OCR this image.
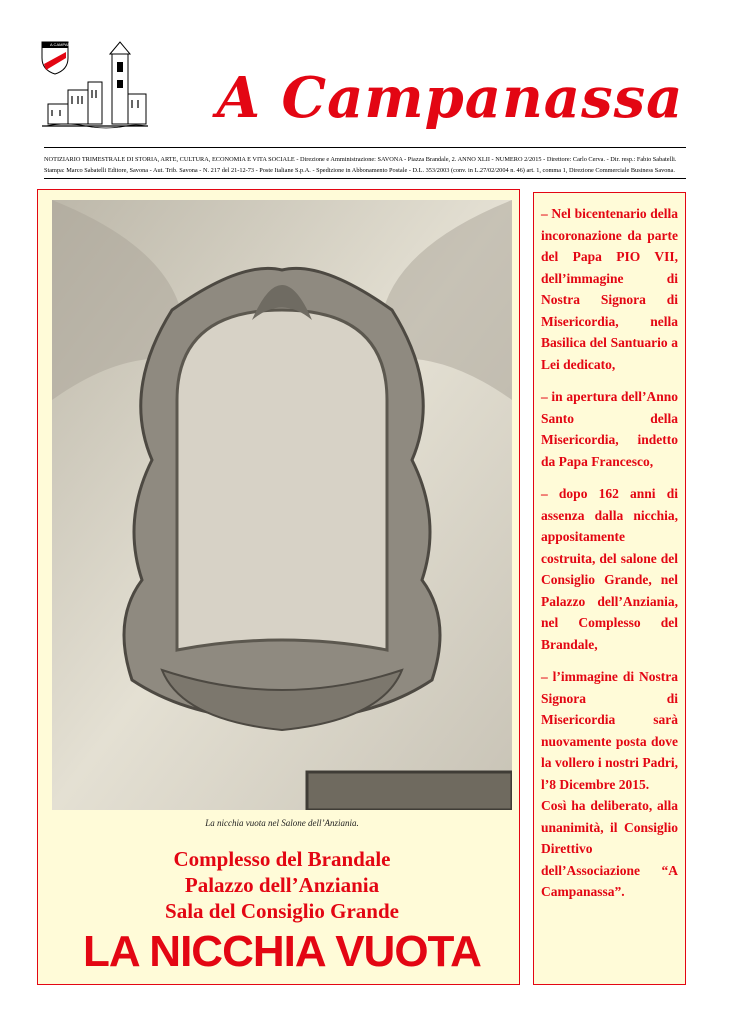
A CAMPANASSA
A Campanassa
NOTIZIARIO TRIMESTRALE DI STORIA, ARTE, CULTURA, ECONOMIA E VITA SOCIALE - Direzione e Amministrazione: SAVONA - Piazza Brandale, 2. ANNO XLII - NUMERO 2/2015 - Direttore: Carlo Cerva. - Dir. resp.: Fabio Sabatelli.
Stampa: Marco Sabatelli Editore, Savona - Aut. Trib. Savona - N. 217 del 21-12-73 - Poste Italiane S.p.A. - Spedizione in Abbonamento Postale - D.L. 353/2003 (conv. in L.27/02/2004 n. 46) art. 1, comma 1, Direzione Commerciale Business Savona.
La nicchia vuota nel Salone dell’Anziania.
Complesso del Brandale
Palazzo dell’Anziania
Sala del Consiglio Grande
LA NICCHIA VUOTA

– Nel bicentenario della incoronazione da parte del Papa PIO VII, dell’immagine di Nostra Signora di Misericordia, nella Basilica del Santuario a Lei dedicato,

– in apertura dell’Anno Santo della Misericordia, indetto da Papa Francesco,

– dopo 162 anni di assenza dalla nicchia, appositamente costruita, del salone del Consiglio Grande, nel Palazzo dell’Anziania, nel Complesso del Brandale,

– l’immagine di Nostra Signora di Misericordia sarà nuovamente posta dove la vollero i nostri Padri, l’8 Dicembre 2015.

Così ha deliberato, alla unanimità, il Consiglio Direttivo dell’Associazione “A Campanassa”.
